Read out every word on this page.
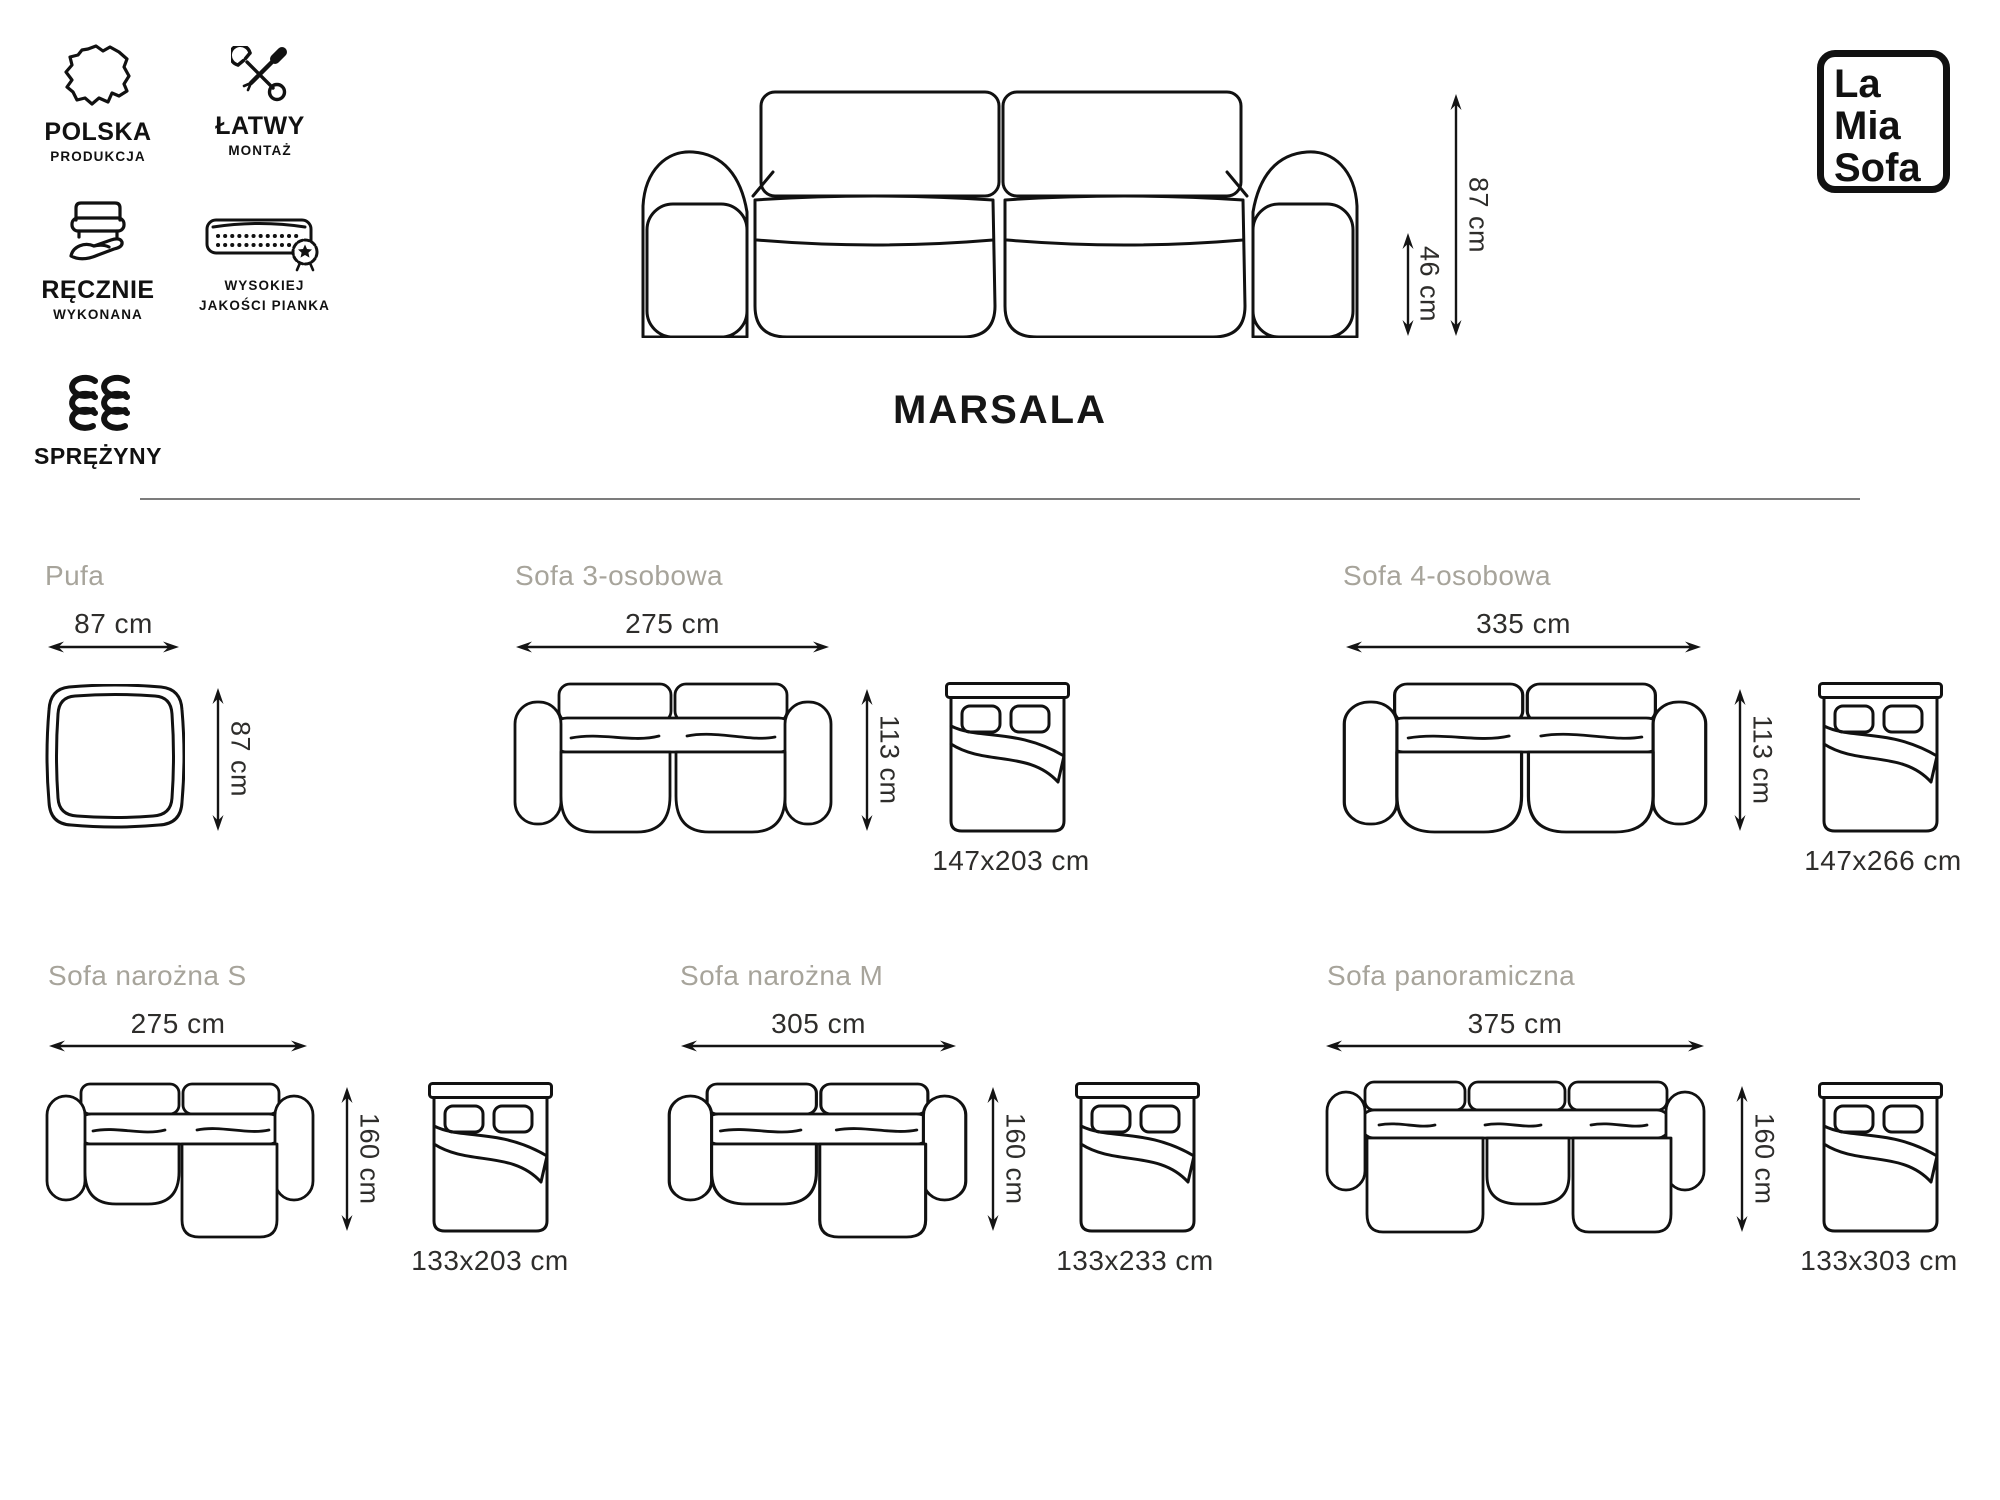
POLSKA
PRODUKCJA
ŁATWY
MONTAŻ
RĘCZNIE
WYKONANA
WYSOKIEJ
JAKOŚCI PIANKA
SPRĘŻYNY
46 cm
87 cm
MARSALA
La
Mia
Sofa
Pufa
87 cm
87 cm
Sofa 3-osobowa
275 cm
113 cm
147x203 cm
Sofa 4-osobowa
335 cm
113 cm
147x266 cm
Sofa narożna S
275 cm
160 cm
133x203 cm
Sofa narożna M
305 cm
160 cm
133x233 cm
Sofa panoramiczna
375 cm
160 cm
133x303 cm
